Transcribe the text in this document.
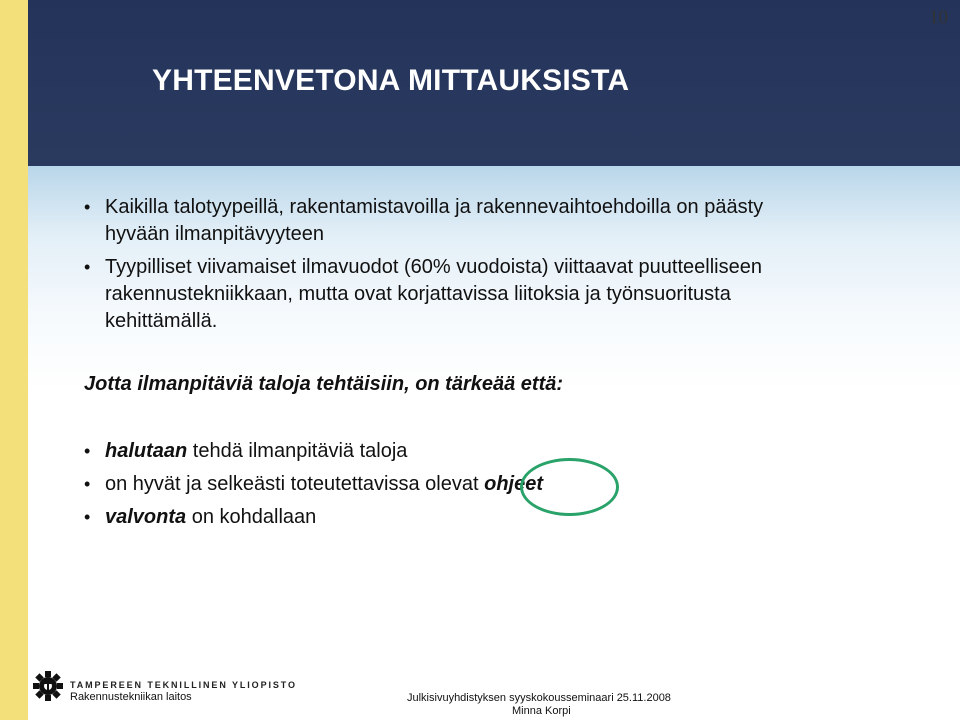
10
YHTEENVETONA MITTAUKSISTA
• Kaikilla talotyypeillä, rakentamistavoilla ja rakennevaihtoehdoilla on päästy hyvään ilmanpitävyyteen
• Tyypilliset viivamaiset ilmavuodot (60% vuodoista) viittaavat puutteelliseen rakennustekniikkaan, mutta ovat korjattavissa liitoksia ja työnsuoritusta kehittämällä.
Jotta ilmanpitäviä taloja tehtäisiin, on tärkeää että:
• halutaan tehdä ilmanpitäviä taloja
• on hyvät ja selkeästi toteutettavissa olevat ohjeet
• valvonta on kohdallaan
TAMPEREEN TEKNILLINEN YLIOPISTO
Rakennustekniikan laitos	Julkisivuyhdistyksen syyskokousseminaari 25.11.2008
Minna Korpi
